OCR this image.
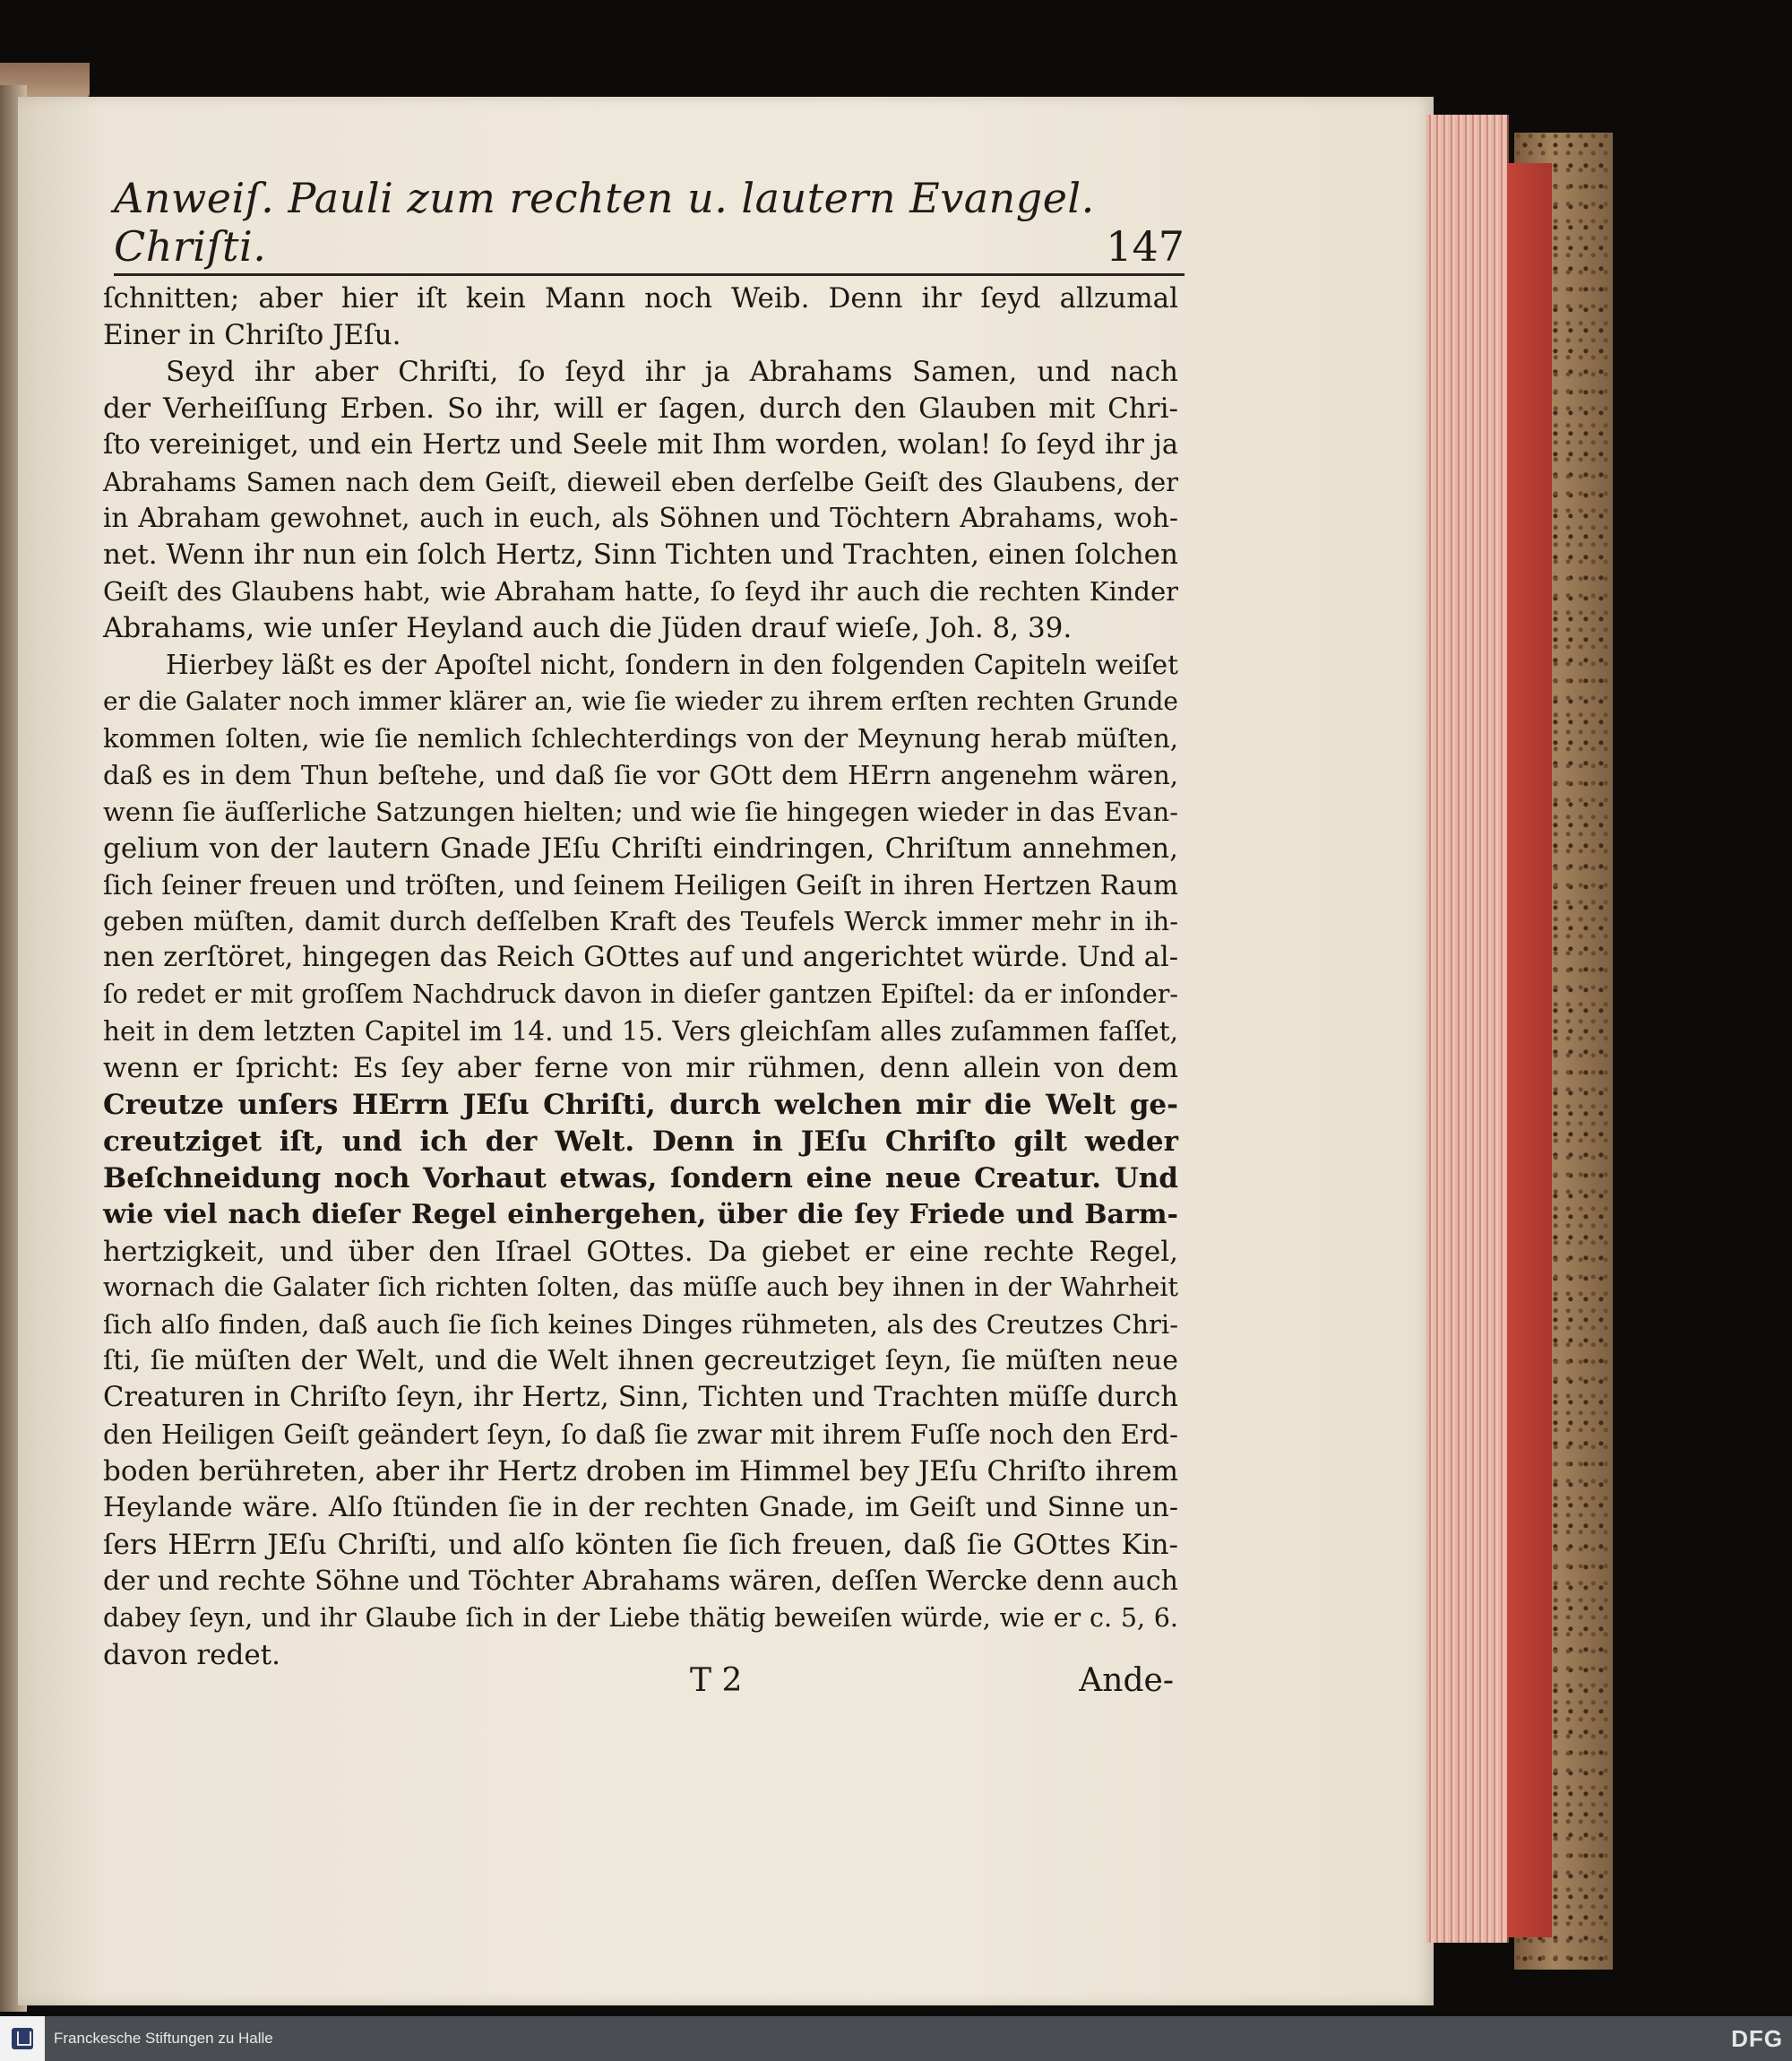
Anweiſ. Pauli zum rechten u. lautern Evangel. Chriſti.	147
ſchnitten; aber hier iſt kein Mann noch Weib. Denn ihr ſeyd allzumal
Einer in Chriſto JEſu.
Seyd ihr aber Chriſti, ſo ſeyd ihr ja Abrahams Samen, und nach
der Verheiſſung Erben. So ihr, will er ſagen, durch den Glauben mit Chri-
ſto vereiniget, und ein Hertz und Seele mit Ihm worden, wolan! ſo ſeyd ihr ja
Abrahams Samen nach dem Geiſt, dieweil eben derſelbe Geiſt des Glaubens, der
in Abraham gewohnet, auch in euch, als Söhnen und Töchtern Abrahams, woh-
net. Wenn ihr nun ein ſolch Hertz, Sinn Tichten und Trachten, einen ſolchen
Geiſt des Glaubens habt, wie Abraham hatte, ſo ſeyd ihr auch die rechten Kinder
Abrahams, wie unſer Heyland auch die Jüden drauf wieſe, Joh. 8, 39.
Hierbey läßt es der Apoſtel nicht, ſondern in den folgenden Capiteln weiſet
er die Galater noch immer klärer an, wie ſie wieder zu ihrem erſten rechten Grunde
kommen ſolten, wie ſie nemlich ſchlechterdings von der Meynung herab müſten,
daß es in dem Thun beſtehe, und daß ſie vor GOtt dem HErrn angenehm wären,
wenn ſie äuſſerliche Satzungen hielten; und wie ſie hingegen wieder in das Evan-
gelium von der lautern Gnade JEſu Chriſti eindringen, Chriſtum annehmen,
ſich ſeiner freuen und tröſten, und ſeinem Heiligen Geiſt in ihren Hertzen Raum
geben müſten, damit durch deſſelben Kraft des Teufels Werck immer mehr in ih-
nen zerſtöret, hingegen das Reich GOttes auf und angerichtet würde. Und al-
ſo redet er mit groſſem Nachdruck davon in dieſer gantzen Epiſtel: da er inſonder-
heit in dem letzten Capitel im 14. und 15. Vers gleichſam alles zuſammen faſſet,
wenn er ſpricht: Es ſey aber ferne von mir rühmen, denn allein von dem
Creutze unſers HErrn JEſu Chriſti, durch welchen mir die Welt ge-
creutziget iſt, und ich der Welt. Denn in JEſu Chriſto gilt weder
Beſchneidung noch Vorhaut etwas, ſondern eine neue Creatur. Und
wie viel nach dieſer Regel einhergehen, über die ſey Friede und Barm-
hertzigkeit, und über den Iſrael GOttes. Da giebet er eine rechte Regel,
wornach die Galater ſich richten ſolten, das müſſe auch bey ihnen in der Wahrheit
ſich alſo finden, daß auch ſie ſich keines Dinges rühmeten, als des Creutzes Chri-
ſti, ſie müſten der Welt, und die Welt ihnen gecreutziget ſeyn, ſie müſten neue
Creaturen in Chriſto ſeyn, ihr Hertz, Sinn, Tichten und Trachten müſſe durch
den Heiligen Geiſt geändert ſeyn, ſo daß ſie zwar mit ihrem Fuſſe noch den Erd-
boden berühreten, aber ihr Hertz droben im Himmel bey JEſu Chriſto ihrem
Heylande wäre. Alſo ſtünden ſie in der rechten Gnade, im Geiſt und Sinne un-
ſers HErrn JEſu Chriſti, und alſo könten ſie ſich freuen, daß ſie GOttes Kin-
der und rechte Söhne und Töchter Abrahams wären, deſſen Wercke denn auch
dabey ſeyn, und ihr Glaube ſich in der Liebe thätig beweiſen würde, wie er c. 5, 6.
davon redet.
T 2	Ande-
Franckesche Stiftungen zu Halle	DFG
